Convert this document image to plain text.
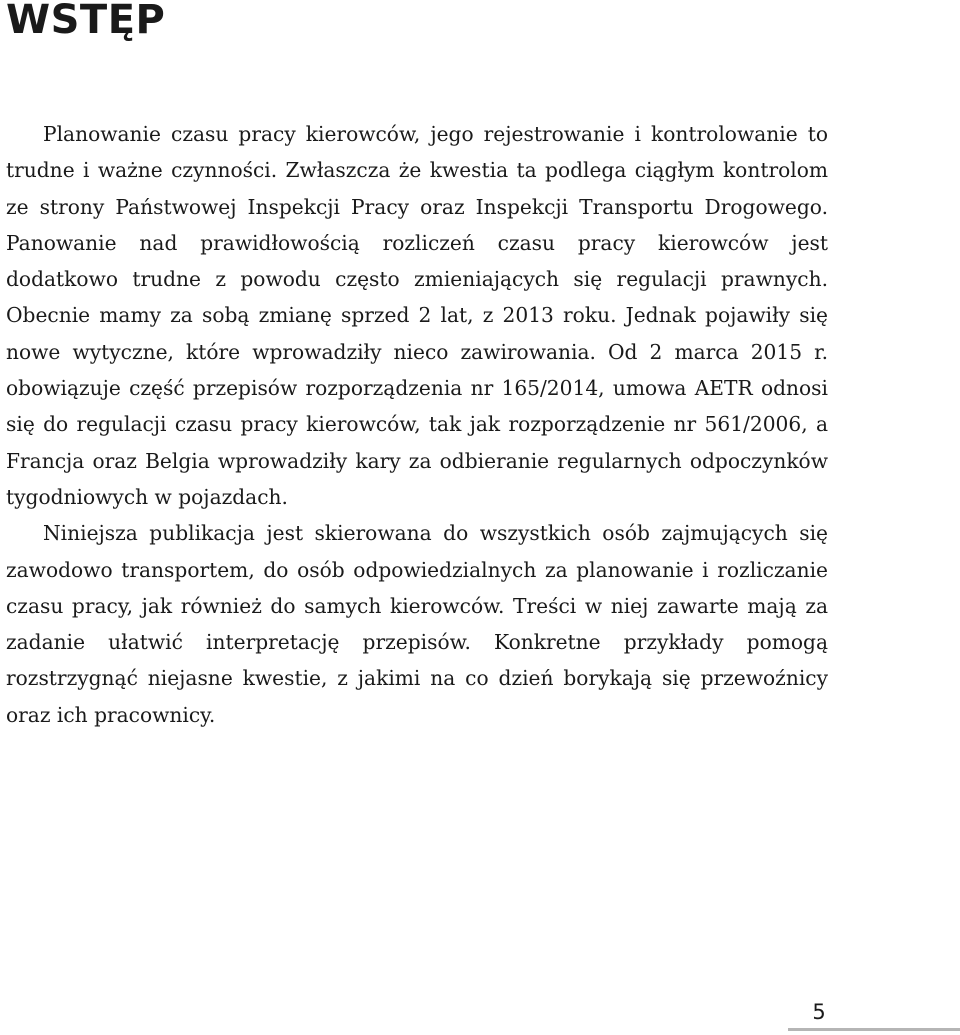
WSTĘP

Planowanie czasu pracy kierowców, jego rejestrowanie i kontrolowanie to trudne i ważne czynności. Zwłaszcza że kwestia ta podlega ciągłym kontrolom ze strony Państwowej Inspekcji Pracy oraz Inspekcji Transportu Drogowego. Panowanie nad prawidłowością rozliczeń czasu pracy kierowców jest dodatkowo trudne z powodu często zmieniających się regulacji prawnych. Obecnie mamy za sobą zmianę sprzed 2 lat, z 2013 roku. Jednak pojawiły się nowe wytyczne, które wprowadziły nieco zawirowania. Od 2 marca 2015 r. obowiązuje część przepisów rozporządzenia nr 165/2014, umowa AETR odnosi się do regulacji czasu pracy kierowców, tak jak rozporządzenie nr 561/2006, a Francja oraz Belgia wprowadziły kary za odbieranie regularnych odpoczynków tygodniowych w pojazdach.

Niniejsza publikacja jest skierowana do wszystkich osób zajmujących się zawodowo transportem, do osób odpowiedzialnych za planowanie i rozliczanie czasu pracy, jak również do samych kierowców. Treści w niej zawarte mają za zadanie ułatwić interpretację przepisów. Konkretne przykłady pomogą rozstrzygnąć niejasne kwestie, z jakimi na co dzień borykają się przewoźnicy oraz ich pracownicy.

5
